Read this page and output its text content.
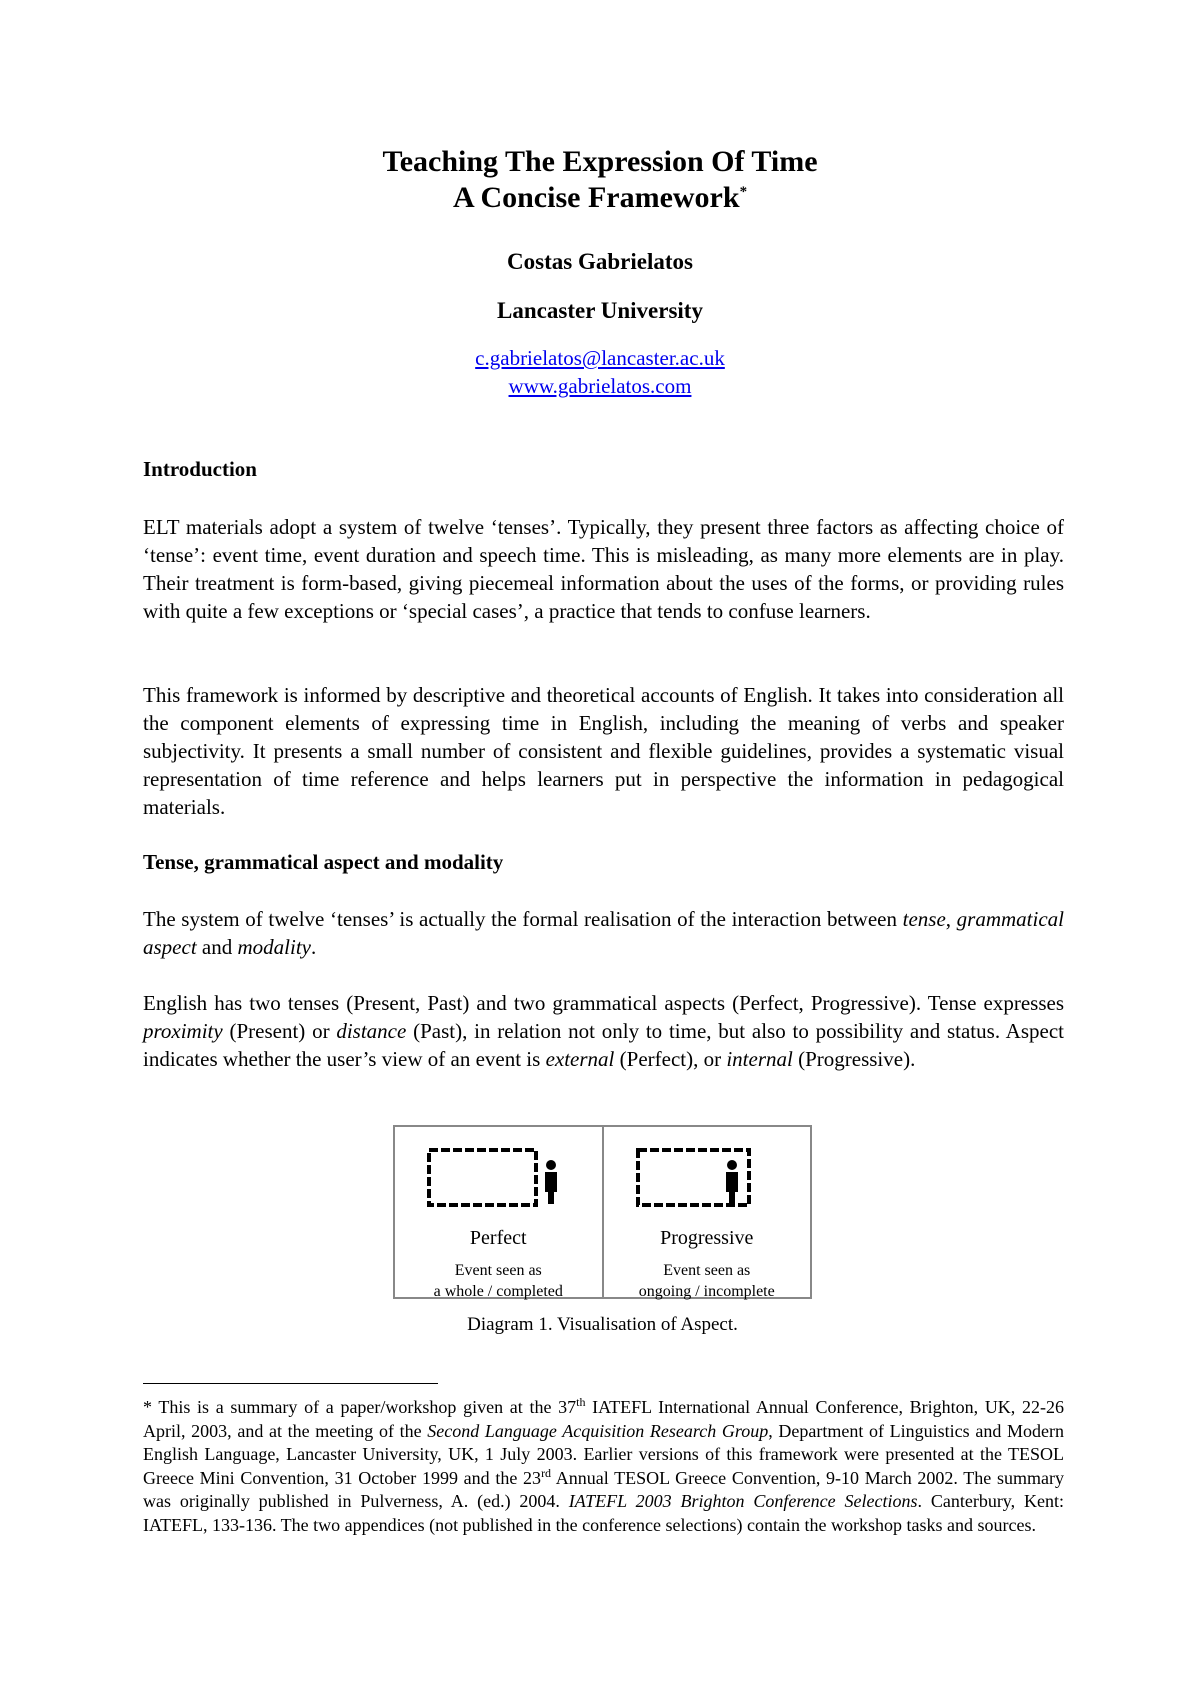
Teaching The Expression Of Time
A Concise Framework*
Costas Gabrielatos
Lancaster University
c.gabrielatos@lancaster.ac.uk
www.gabrielatos.com
Introduction
ELT materials adopt a system of twelve ‘tenses’. Typically, they present three factors as affecting choice of ‘tense’: event time, event duration and speech time. This is misleading, as many more elements are in play. Their treatment is form-based, giving piecemeal information about the uses of the forms, or providing rules with quite a few exceptions or ‘special cases’, a practice that tends to confuse learners.
This framework is informed by descriptive and theoretical accounts of English. It takes into consideration all the component elements of expressing time in English, including the meaning of verbs and speaker subjectivity. It presents a small number of consistent and flexible guidelines, provides a systematic visual representation of time reference and helps learners put in perspective the information in pedagogical materials.
Tense, grammatical aspect and modality
The system of twelve ‘tenses’ is actually the formal realisation of the interaction between tense, grammatical aspect and modality.
English has two tenses (Present, Past) and two grammatical aspects (Perfect, Progressive). Tense expresses proximity (Present) or distance (Past), in relation not only to time, but also to possibility and status. Aspect indicates whether the user’s view of an event is external (Perfect), or internal (Progressive).
Perfect
Event seen as
a whole / completed
Progressive
Event seen as
ongoing / incomplete
Diagram 1. Visualisation of Aspect.
* This is a summary of a paper/workshop given at the 37th IATEFL International Annual Conference, Brighton, UK, 22-26 April, 2003, and at the meeting of the Second Language Acquisition Research Group, Department of Linguistics and Modern English Language, Lancaster University, UK, 1 July 2003. Earlier versions of this framework were presented at the TESOL Greece Mini Convention, 31 October 1999 and the 23rd Annual TESOL Greece Convention, 9-10 March 2002. The summary was originally published in Pulverness, A. (ed.) 2004. IATEFL 2003 Brighton Conference Selections. Canterbury, Kent: IATEFL, 133-136. The two appendices (not published in the conference selections) contain the workshop tasks and sources.
